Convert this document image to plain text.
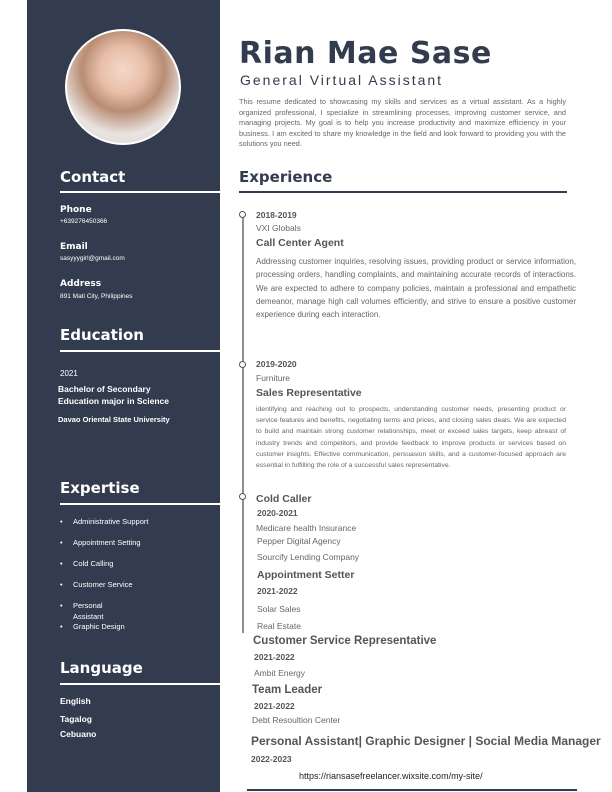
Contact
Phone
+639276450366
Email
sasyyygirl@gmail.com
Address
891 Mati City, Philippines
Education
2021
Bachelor of Secondary
Education major in Science
Davao Oriental State University
Expertise
• Administrative Support
• Appointment Setting
• Cold Calling
• Customer Service
• Personal
Assistant
• Graphic Design
Language
English
Tagalog
Cebuano
Rian Mae Sase
General Virtual Assistant
This resume dedicated to showcasing my skills and services as a virtual assistant. As a highly organized professional, I specialize in streamlining processes, improving customer service, and managing projects. My goal is to help you increase productivity and maximize efficiency in your business. I am excited to share my knowledge in the field and look forward to providing you with the solutions you need.
Experience
2018-2019
VXI Globals
Call Center Agent
Addressing customer inquiries, resolving issues, providing product or service information, processing orders, handling complaints, and maintaining accurate records of interactions. We are expected to adhere to company policies, maintain a professional and empathetic demeanor, manage high call volumes efficiently, and strive to ensure a positive customer experience during each interaction.
2019-2020
Furniture
Sales Representative
identifying and reaching out to prospects, understanding customer needs, presenting product or service features and benefits, negotiating terms and prices, and closing sales deals. We are expected to build and maintain strong customer relationships, meet or exceed sales targets, keep abreast of industry trends and competitors, and provide feedback to improve products or services based on customer insights. Effective communication, persuasion skills, and a customer-focused approach are essential in fulfilling the role of a successful sales representative.
Cold Caller
2020-2021
Medicare health Insurance
Pepper Digital Agency
Sourcify Lending Company
Appointment Setter
2021-2022
Solar Sales
Real Estate
Customer Service Representative
2021-2022
Ambit Energy
Team Leader
2021-2022
Debt Resoultion Center
Personal Assistant| Graphic Designer | Social Media Manager
2022-2023
https://riansasefreelancer.wixsite.com/my-site/
